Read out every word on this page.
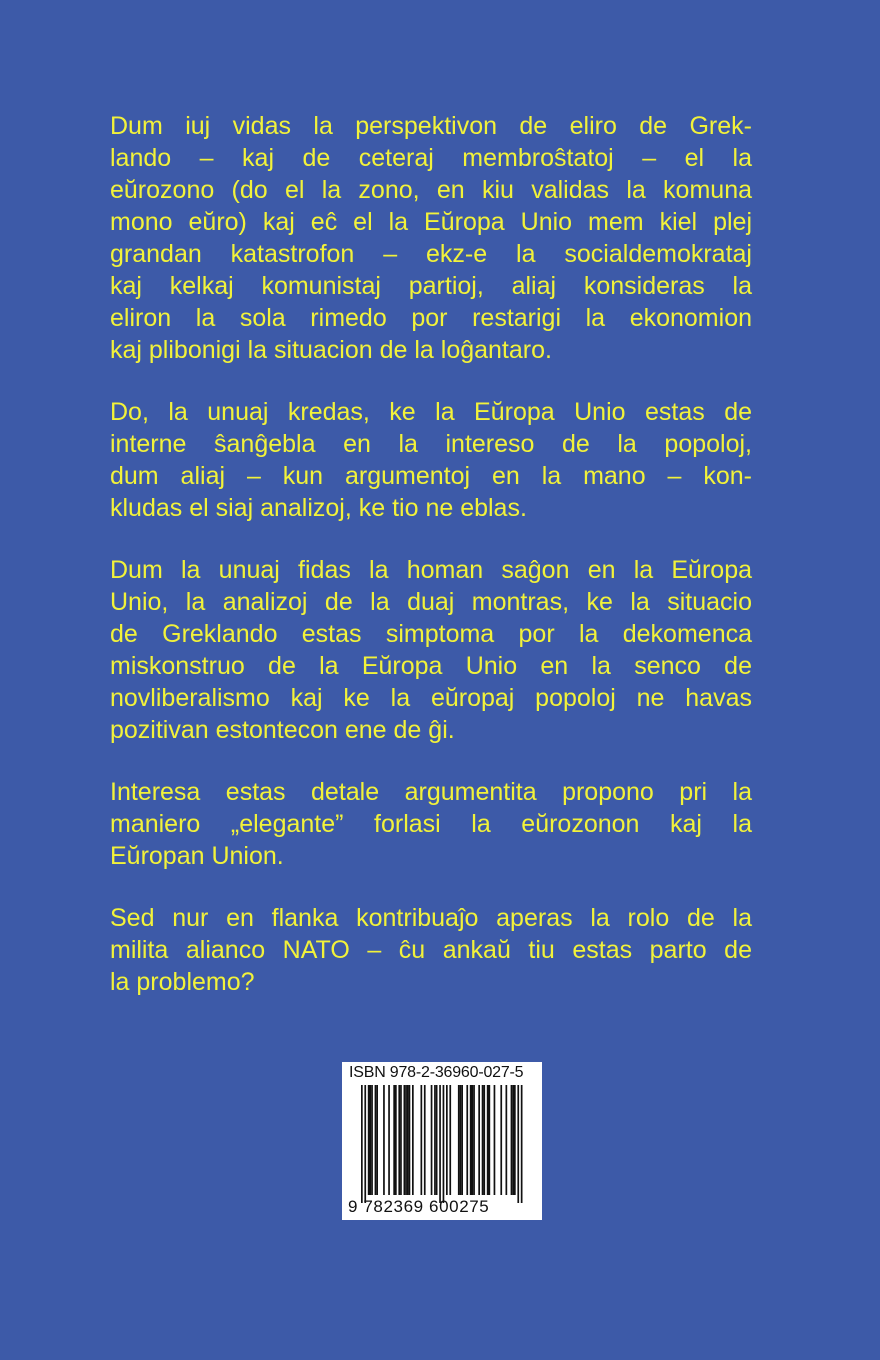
Dum iuj vidas la perspektivon de eliro de Grek-
lando – kaj de ceteraj membroŝtatoj – el la
eŭrozono (do el la zono, en kiu validas la komuna
mono eŭro) kaj eĉ el la Eŭropa Unio mem kiel plej
grandan katastrofon – ekz-e la socialdemokrataj
kaj kelkaj komunistaj partioj, aliaj konsideras la
eliron la sola rimedo por restarigi la ekonomion
kaj plibonigi la situacion de la loĝantaro.
Do, la unuaj kredas, ke la Eŭropa Unio estas de
interne ŝanĝebla en la intereso de la popoloj,
dum aliaj – kun argumentoj en la mano – kon-
kludas el siaj analizoj, ke tio ne eblas.
Dum la unuaj fidas la homan saĝon en la Eŭropa
Unio, la analizoj de la duaj montras, ke la situacio
de Greklando estas simptoma por la dekomenca
miskonstruo de la Eŭropa Unio en la senco de
novliberalismo kaj ke la eŭropaj popoloj ne havas
pozitivan estontecon ene de ĝi.
Interesa estas detale argumentita propono pri la
maniero „elegante” forlasi la eŭrozonon kaj la
Eŭropan Union.
Sed nur en flanka kontribuaĵo aperas la rolo de la
milita alianco NATO – ĉu ankaŭ tiu estas parto de
la problemo?
ISBN 978-2-36960-027-5
9 782369 600275
